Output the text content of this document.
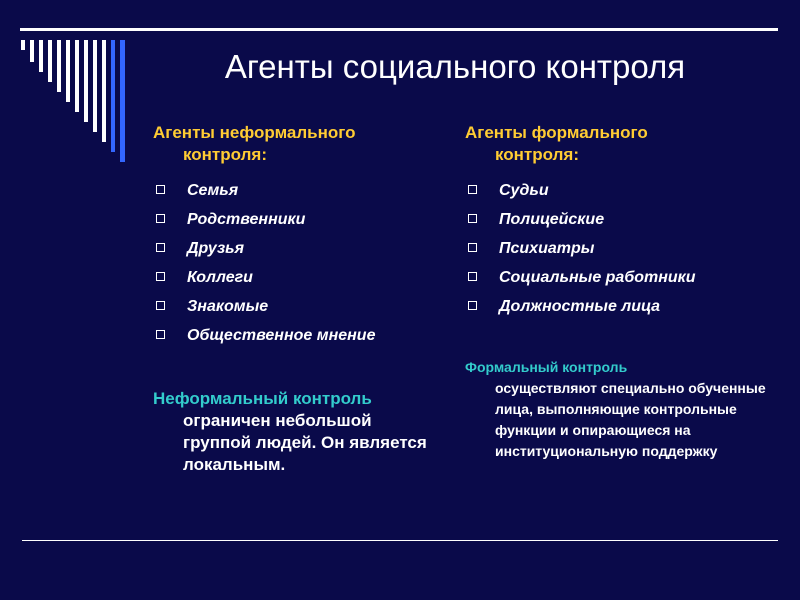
Агенты социального контроля

Агенты неформального
контроля:

Семья
Родственники
Друзья
Коллеги
Знакомые
Общественное мнение
Неформальный контроль
ограничен небольшой группой людей. Он является локальным.

Агенты формального
контроля:

Судьи
Полицейские
Психиатры
Социальные работники
Должностные лица
Формальный контроль
осуществляют специально обученные лица, выполняющие контрольные функции и опирающиеся на институциональную поддержку
